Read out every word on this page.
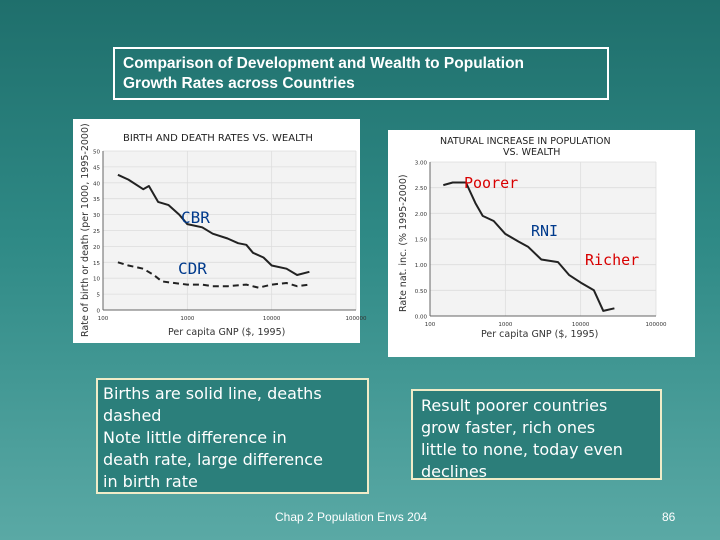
Comparison of Development and Wealth to Population
Growth Rates across Countries
BIRTH AND DEATH RATES VS. WEALTH
Rate of birth or death (per 1000, 1995-2000)	Per capita GNP ($, 1995)
0
5
10
15
20
25
30
35
40
45
50
100	1000	10000	100000
CBR
CDR
NATURAL INCREASE IN POPULATION
VS. WEALTH
Rate nat. inc. (% 1995-2000)
Per capita GNP ($, 1995)
0.00
0.50
1.00
1.50
2.00
2.50
3.00
100	1000	10000	100000
Poorer
RNI
Richer
Births are solid line, deaths
dashed
Note little difference in
death rate, large difference
in birth rate
Result poorer countries
grow faster, rich ones
little to none, today even
declines
Chap 2 Population Envs 204	86
